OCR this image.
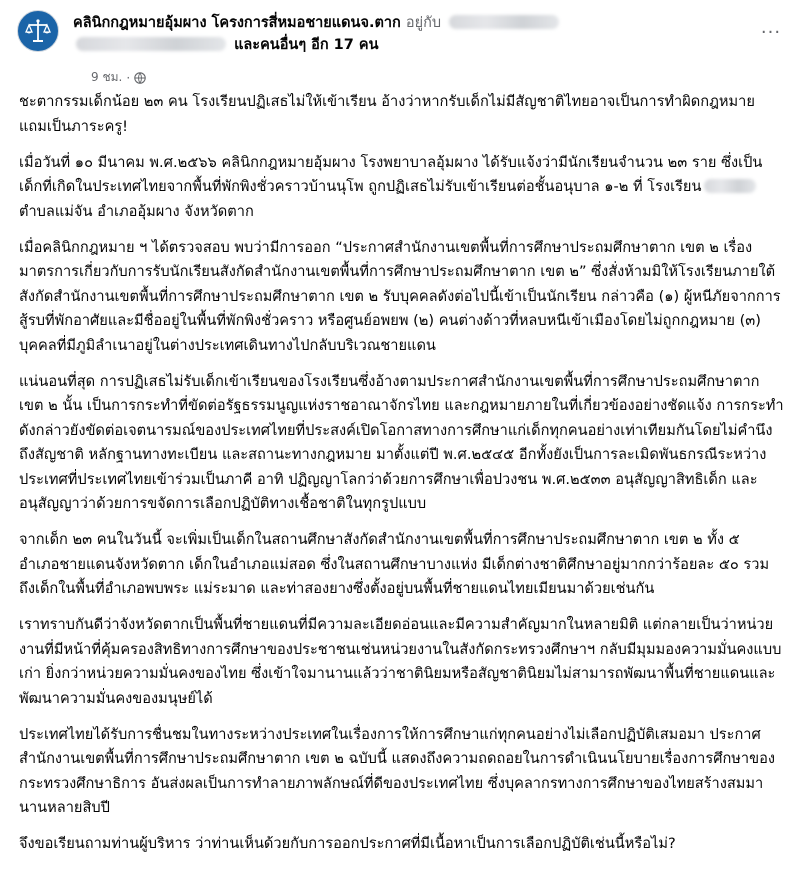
คลินิกกฎหมายอุ้มผาง โครงการสี่หมอชายแดนจ.ตาก อยู่กับ
และคนอื่นๆ อีก 17 คน
9 ชม. ·
···

ชะตากรรมเด็กน้อย ๒๓ คน โรงเรียนปฏิเสธไม่ให้เข้าเรียน อ้างว่าหากรับเด็กไม่มีสัญชาติไทยอาจเป็นการทำผิดกฎหมาย แถมเป็นภาระครู!

เมื่อวันที่ ๑๐ มีนาคม พ.ศ.๒๕๖๖ คลินิกกฎหมายอุ้มผาง โรงพยาบาลอุ้มผาง ได้รับแจ้งว่ามีนักเรียนจำนวน ๒๓ ราย ซึ่งเป็นเด็กที่เกิดในประเทศไทยจากพื้นที่พักพิงชั่วคราวบ้านนุโพ ถูกปฏิเสธไม่รับเข้าเรียนต่อชั้นอนุบาล ๑-๒ ที่ โรงเรียนตำบลแม่จัน อำเภออุ้มผาง จังหวัดตาก

เมื่อคลินิกกฎหมาย ฯ ได้ตรวจสอบ พบว่ามีการออก “ประกาศสำนักงานเขตพื้นที่การศึกษาประถมศึกษาตาก เขต ๒ เรื่อง มาตรการเกี่ยวกับการรับนักเรียนสังกัดสำนักงานเขตพื้นที่การศึกษาประถมศึกษาตาก เขต ๒” ซึ่งสั่งห้ามมิให้โรงเรียนภายใต้สังกัดสำนักงานเขตพื้นที่การศึกษาประถมศึกษาตาก เขต ๒ รับบุคคลดังต่อไปนี้เข้าเป็นนักเรียน กล่าวคือ (๑) ผู้หนีภัยจากการสู้รบที่พักอาศัยและมีชื่ออยู่ในพื้นที่พักพิงชั่วคราว หรือศูนย์อพยพ (๒) คนต่างด้าวที่หลบหนีเข้าเมืองโดยไม่ถูกกฎหมาย (๓) บุคคลที่มีภูมิลำเนาอยู่ในต่างประเทศเดินทางไปกลับบริเวณชายแดน

แน่นอนที่สุด การปฏิเสธไม่รับเด็กเข้าเรียนของโรงเรียนซึ่งอ้างตามประกาศสำนักงานเขตพื้นที่การศึกษาประถมศึกษาตาก เขต ๒ นั้น เป็นการกระทำที่ขัดต่อรัฐธรรมนูญแห่งราชอาณาจักรไทย และกฎหมายภายในที่เกี่ยวข้องอย่างชัดแจ้ง การกระทำดังกล่าวยังขัดต่อเจตนารมณ์ของประเทศไทยที่ประสงค์เปิดโอกาสทางการศึกษาแก่เด็กทุกคนอย่างเท่าเทียมกันโดยไม่คำนึงถึงสัญชาติ หลักฐานทางทะเบียน และสถานะทางกฎหมาย มาตั้งแต่ปี พ.ศ.๒๕๔๕ อีกทั้งยังเป็นการละเมิดพันธกรณีระหว่างประเทศที่ประเทศไทยเข้าร่วมเป็นภาคี อาทิ ปฏิญญาโลกว่าด้วยการศึกษาเพื่อปวงชน พ.ศ.๒๕๓๓ อนุสัญญาสิทธิเด็ก และอนุสัญญาว่าด้วยการขจัดการเลือกปฏิบัติทางเชื้อชาติในทุกรูปแบบ

จากเด็ก ๒๓ คนในวันนี้ จะเพิ่มเป็นเด็กในสถานศึกษาสังกัดสำนักงานเขตพื้นที่การศึกษาประถมศึกษาตาก เขต ๒ ทั้ง ๕ อำเภอชายแดนจังหวัดตาก เด็กในอำเภอแม่สอด ซึ่งในสถานศึกษาบางแห่ง มีเด็กต่างชาติศึกษาอยู่มากกว่าร้อยละ ๕๐ รวมถึงเด็กในพื้นที่อำเภอพบพระ แม่ระมาด และท่าสองยางซึ่งตั้งอยู่บนพื้นที่ชายแดนไทยเมียนมาด้วยเช่นกัน

เราทราบกันดีว่าจังหวัดตากเป็นพื้นที่ชายแดนที่มีความละเอียดอ่อนและมีความสำคัญมากในหลายมิติ แต่กลายเป็นว่าหน่วยงานที่มีหน้าที่คุ้มครองสิทธิทางการศึกษาของประชาชนเช่นหน่วยงานในสังกัดกระทรวงศึกษาฯ กลับมีมุมมองความมั่นคงแบบเก่า ยิ่งกว่าหน่วยความมั่นคงของไทย ซึ่งเข้าใจมานานแล้วว่าชาตินิยมหรือสัญชาตินิยมไม่สามารถพัฒนาพื้นที่ชายแดนและพัฒนาความมั่นคงของมนุษย์ได้

ประเทศไทยได้รับการชื่นชมในทางระหว่างประเทศในเรื่องการให้การศึกษาแก่ทุกคนอย่างไม่เลือกปฏิบัติเสมอมา ประกาศสำนักงานเขตพื้นที่การศึกษาประถมศึกษาตาก เขต ๒ ฉบับนี้ แสดงถึงความถดถอยในการดำเนินนโยบายเรื่องการศึกษาของกระทรวงศึกษาธิการ อันส่งผลเป็นการทำลายภาพลักษณ์ที่ดีของประเทศไทย ซึ่งบุคลากรทางการศึกษาของไทยสร้างสมมานานหลายสิบปี

จึงขอเรียนถามท่านผู้บริหาร ว่าท่านเห็นด้วยกับการออกประกาศที่มีเนื้อหาเป็นการเลือกปฏิบัติเช่นนี้หรือไม่?
